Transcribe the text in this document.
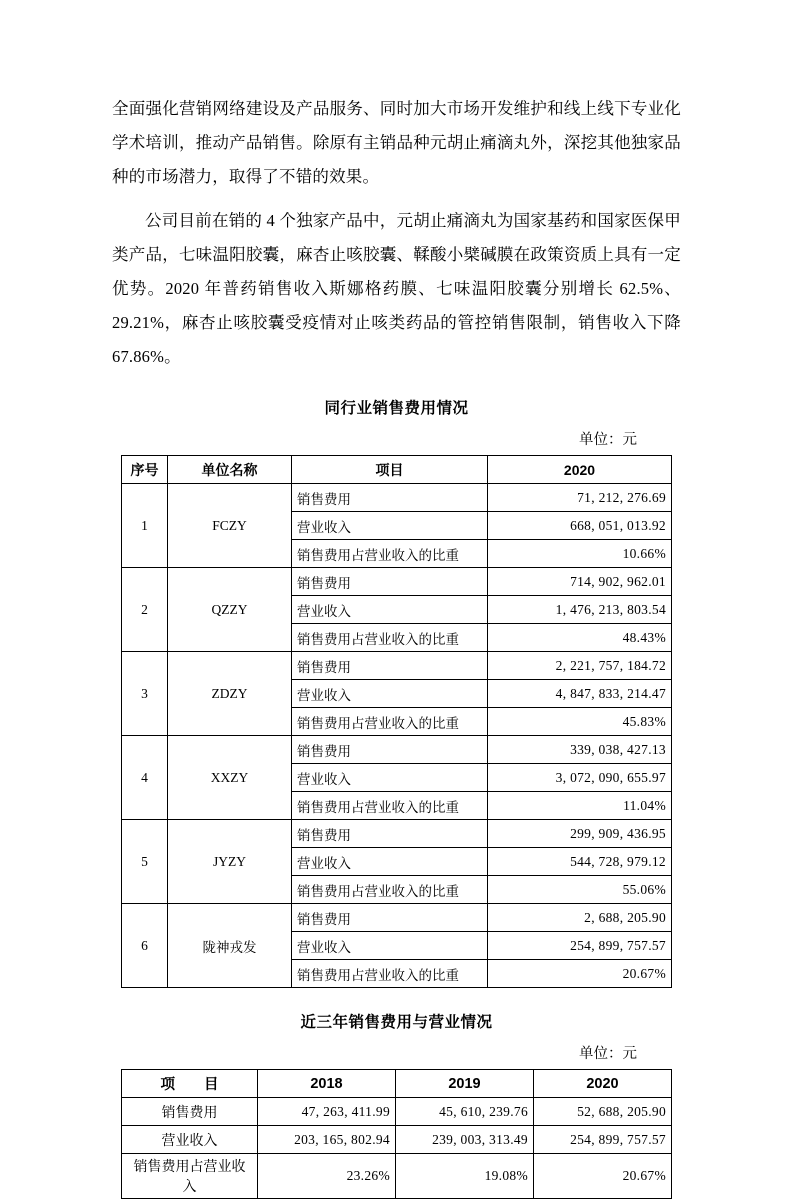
全面强化营销网络建设及产品服务、同时加大市场开发维护和线上线下专业化学术培训，推动产品销售。除原有主销品种元胡止痛滴丸外，深挖其他独家品种的市场潜力，取得了不错的效果。

公司目前在销的 4 个独家产品中，元胡止痛滴丸为国家基药和国家医保甲类产品，七味温阳胶囊，麻杏止咳胶囊、鞣酸小檗碱膜在政策资质上具有一定优势。2020 年普药销售收入斯娜格药膜、七味温阳胶囊分别增长 62.5%、29.21%，麻杏止咳胶囊受疫情对止咳类药品的管控销售限制，销售收入下降 67.86%。

同行业销售费用情况
单位：元
序号	单位名称	项目	2020
1	FCZY	销售费用	71, 212, 276.69
		营业收入	668, 051, 013.92
		销售费用占营业收入的比重	10.66%
2	QZZY	销售费用	714, 902, 962.01
		营业收入	1, 476, 213, 803.54
		销售费用占营业收入的比重	48.43%
3	ZDZY	销售费用	2, 221, 757, 184.72
		营业收入	4, 847, 833, 214.47
		销售费用占营业收入的比重	45.83%
4	XXZY	销售费用	339, 038, 427.13
		营业收入	3, 072, 090, 655.97
		销售费用占营业收入的比重	11.04%
5	JYZY	销售费用	299, 909, 436.95
		营业收入	544, 728, 979.12
		销售费用占营业收入的比重	55.06%
6	陇神戎发	销售费用	2, 688, 205.90
		营业收入	254, 899, 757.57
		销售费用占营业收入的比重	20.67%
近三年销售费用与营业情况
单位：元
项　　目	2018	2019	2020
销售费用	47, 263, 411.99	45, 610, 239.76	52, 688, 205.90
营业收入	203, 165, 802.94	239, 003, 313.49	254, 899, 757.57
销售费用占营业收入	23.26%	19.08%	20.67%
